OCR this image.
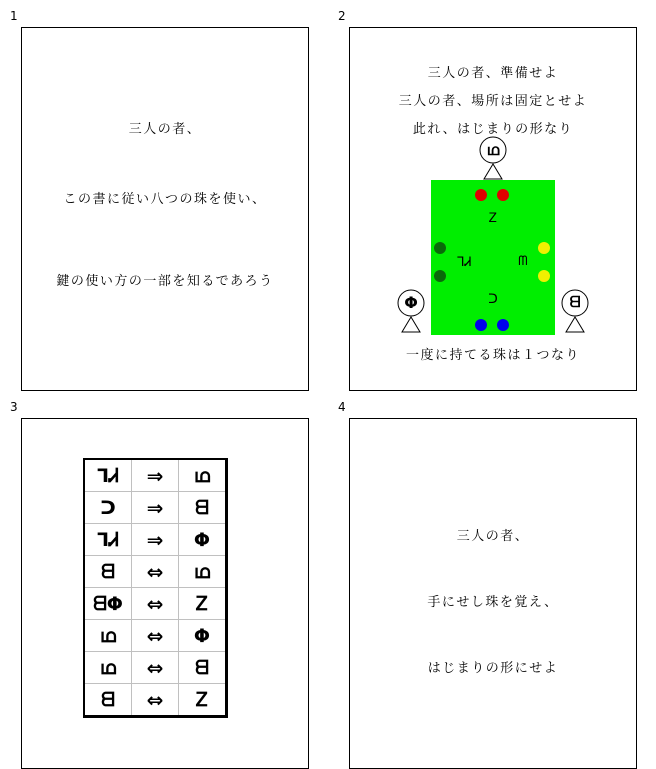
1	2
3	4
三人の者、
この書に従い八つの珠を使い、
鍵の使い方の一部を知るであろう
三人の者、準備せよ
三人の者、場所は固定とせよ
此れ、はじまりの形なり
ഥ
Ꮓ
ᒣᏗ	ᗰ
ᑐ
Φ	ᗺ
一度に持てる珠は１つなり
ᒣᏗ	⇒	ഥ
ᑐ	⇒	ᗺ
ᒣᏗ	⇒	Φ
ᗺ	⇔	ഥ
ᗺΦ	⇔	Ꮓ
ഥ	⇔	Φ
ഥ	⇔	ᗺ
ᗺ	⇔	Ꮓ
三人の者、
手にせし珠を覚え、
はじまりの形にせよ
